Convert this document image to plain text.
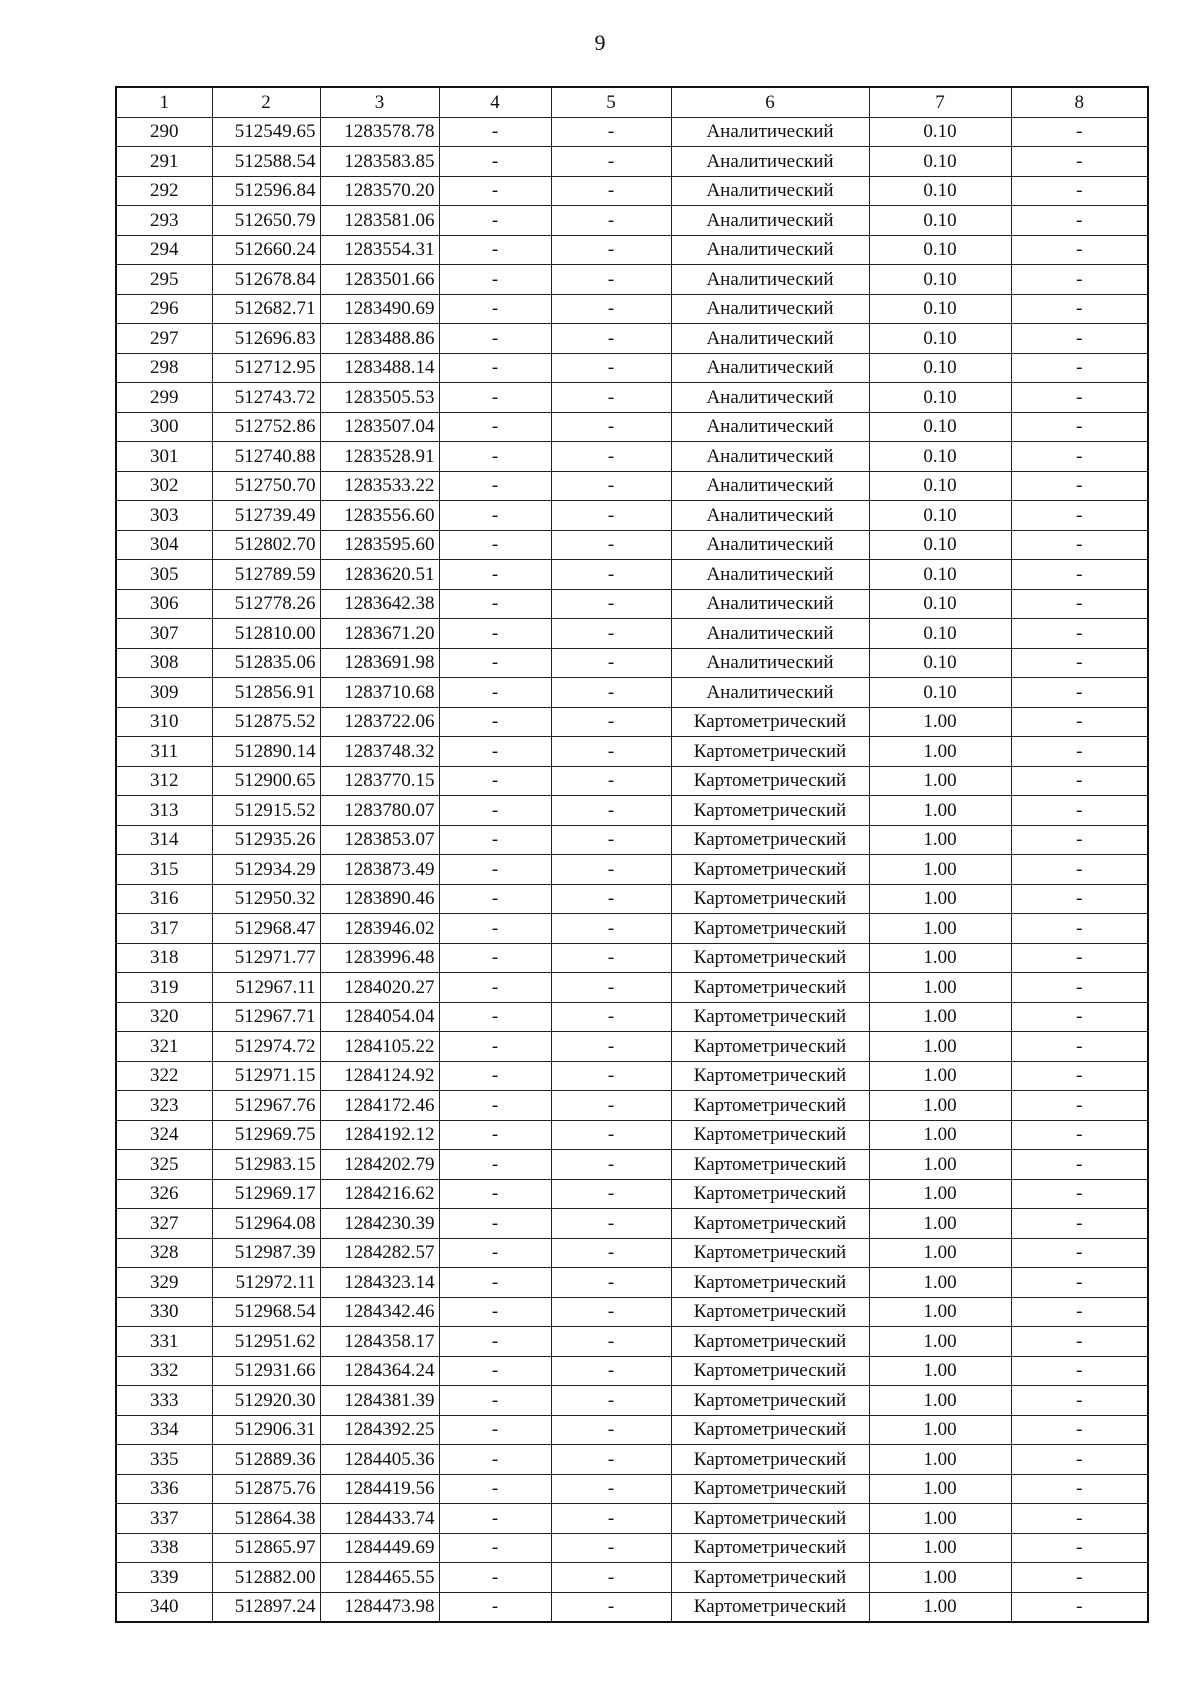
9
1	2	3	4	5	6	7	8
290	512549.65	1283578.78	-	-	Аналитический	0.10	-
291	512588.54	1283583.85	-	-	Аналитический	0.10	-
292	512596.84	1283570.20	-	-	Аналитический	0.10	-
293	512650.79	1283581.06	-	-	Аналитический	0.10	-
294	512660.24	1283554.31	-	-	Аналитический	0.10	-
295	512678.84	1283501.66	-	-	Аналитический	0.10	-
296	512682.71	1283490.69	-	-	Аналитический	0.10	-
297	512696.83	1283488.86	-	-	Аналитический	0.10	-
298	512712.95	1283488.14	-	-	Аналитический	0.10	-
299	512743.72	1283505.53	-	-	Аналитический	0.10	-
300	512752.86	1283507.04	-	-	Аналитический	0.10	-
301	512740.88	1283528.91	-	-	Аналитический	0.10	-
302	512750.70	1283533.22	-	-	Аналитический	0.10	-
303	512739.49	1283556.60	-	-	Аналитический	0.10	-
304	512802.70	1283595.60	-	-	Аналитический	0.10	-
305	512789.59	1283620.51	-	-	Аналитический	0.10	-
306	512778.26	1283642.38	-	-	Аналитический	0.10	-
307	512810.00	1283671.20	-	-	Аналитический	0.10	-
308	512835.06	1283691.98	-	-	Аналитический	0.10	-
309	512856.91	1283710.68	-	-	Аналитический	0.10	-
310	512875.52	1283722.06	-	-	Картометрический	1.00	-
311	512890.14	1283748.32	-	-	Картометрический	1.00	-
312	512900.65	1283770.15	-	-	Картометрический	1.00	-
313	512915.52	1283780.07	-	-	Картометрический	1.00	-
314	512935.26	1283853.07	-	-	Картометрический	1.00	-
315	512934.29	1283873.49	-	-	Картометрический	1.00	-
316	512950.32	1283890.46	-	-	Картометрический	1.00	-
317	512968.47	1283946.02	-	-	Картометрический	1.00	-
318	512971.77	1283996.48	-	-	Картометрический	1.00	-
319	512967.11	1284020.27	-	-	Картометрический	1.00	-
320	512967.71	1284054.04	-	-	Картометрический	1.00	-
321	512974.72	1284105.22	-	-	Картометрический	1.00	-
322	512971.15	1284124.92	-	-	Картометрический	1.00	-
323	512967.76	1284172.46	-	-	Картометрический	1.00	-
324	512969.75	1284192.12	-	-	Картометрический	1.00	-
325	512983.15	1284202.79	-	-	Картометрический	1.00	-
326	512969.17	1284216.62	-	-	Картометрический	1.00	-
327	512964.08	1284230.39	-	-	Картометрический	1.00	-
328	512987.39	1284282.57	-	-	Картометрический	1.00	-
329	512972.11	1284323.14	-	-	Картометрический	1.00	-
330	512968.54	1284342.46	-	-	Картометрический	1.00	-
331	512951.62	1284358.17	-	-	Картометрический	1.00	-
332	512931.66	1284364.24	-	-	Картометрический	1.00	-
333	512920.30	1284381.39	-	-	Картометрический	1.00	-
334	512906.31	1284392.25	-	-	Картометрический	1.00	-
335	512889.36	1284405.36	-	-	Картометрический	1.00	-
336	512875.76	1284419.56	-	-	Картометрический	1.00	-
337	512864.38	1284433.74	-	-	Картометрический	1.00	-
338	512865.97	1284449.69	-	-	Картометрический	1.00	-
339	512882.00	1284465.55	-	-	Картометрический	1.00	-
340	512897.24	1284473.98	-	-	Картометрический	1.00	-
